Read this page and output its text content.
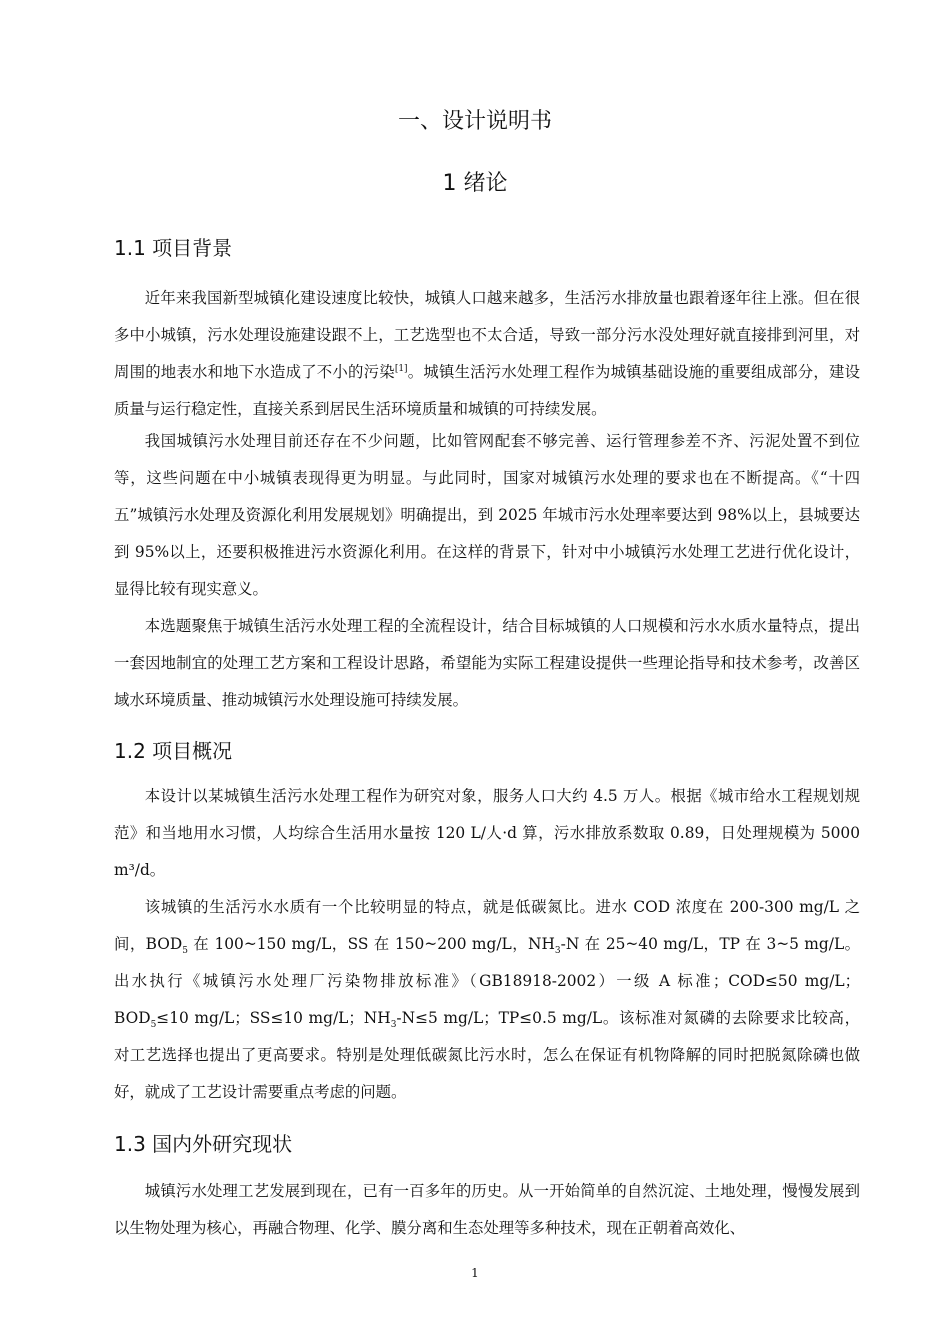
一、设计说明书
1 绪论
1.1 项目背景

近年来我国新型城镇化建设速度比较快，城镇人口越来越多，生活污水排放量也跟着逐年往上涨。但在很多中小城镇，污水处理设施建设跟不上，工艺选型也不太合适，导致一部分污水没处理好就直接排到河里，对周围的地表水和地下水造成了不小的污染[1]。城镇生活污水处理工程作为城镇基础设施的重要组成部分，建设质量与运行稳定性，直接关系到居民生活环境质量和城镇的可持续发展。

我国城镇污水处理目前还存在不少问题，比如管网配套不够完善、运行管理参差不齐、污泥处置不到位等，这些问题在中小城镇表现得更为明显。与此同时，国家对城镇污水处理的要求也在不断提高。《“十四五”城镇污水处理及资源化利用发展规划》明确提出，到 2025 年城市污水处理率要达到 98%以上，县城要达到 95%以上，还要积极推进污水资源化利用。在这样的背景下，针对中小城镇污水处理工艺进行优化设计，显得比较有现实意义。

本选题聚焦于城镇生活污水处理工程的全流程设计，结合目标城镇的人口规模和污水水质水量特点，提出一套因地制宜的处理工艺方案和工程设计思路，希望能为实际工程建设提供一些理论指导和技术参考，改善区域水环境质量、推动城镇污水处理设施可持续发展。

1.2 项目概况

本设计以某城镇生活污水处理工程作为研究对象，服务人口大约 4.5 万人。根据《城市给水工程规划规范》和当地用水习惯，人均综合生活用水量按 120 L/人·d 算，污水排放系数取 0.89，日处理规模为 5000 m³/d。

该城镇的生活污水水质有一个比较明显的特点，就是低碳氮比。进水 COD 浓度在 200-300 mg/L 之间，$BOD_5$ 在 100~150 mg/L，SS 在 150~200 mg/L，$NH_3-N$ 在 25~40 mg/L，TP 在 3~5 mg/L。出水执行《城镇污水处理厂污染物排放标准》（GB18918-2002）一级 A 标准；COD≤50 mg/L；$BOD_5\le 10$ mg/L；SS≤10 mg/L；$NH_3-N\le 5$ mg/L；TP≤0.5 mg/L。该标准对氮磷的去除要求比较高，对工艺选择也提出了更高要求。特别是处理低碳氮比污水时，怎么在保证有机物降解的同时把脱氮除磷也做好，就成了工艺设计需要重点考虑的问题。

1.3 国内外研究现状

城镇污水处理工艺发展到现在，已有一百多年的历史。从一开始简单的自然沉淀、土地处理，慢慢发展到以生物处理为核心，再融合物理、化学、膜分离和生态处理等多种技术，现在正朝着高效化、

1
